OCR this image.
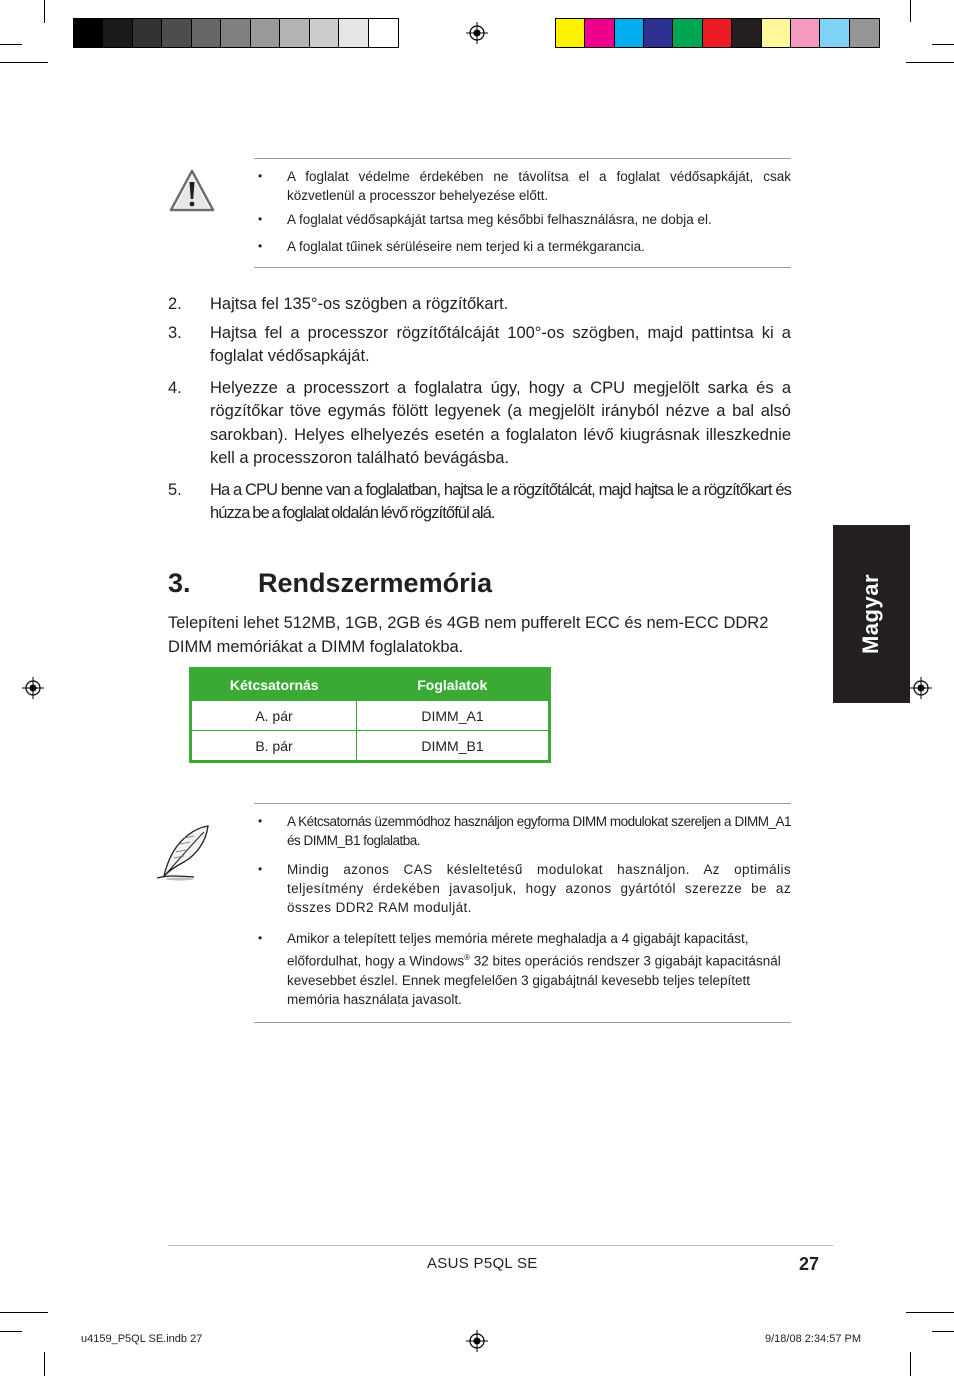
• A foglalat védelme érdekében ne távolítsa el a foglalat védősapkáját, csak közvetlenül a processzor behelyezése előtt.
• A foglalat védősapkáját tartsa meg későbbi felhasználásra, ne dobja el.
• A foglalat tűinek sérüléseire nem terjed ki a termékgarancia.
2.	Hajtsa fel 135°-os szögben a rögzítőkart.
3.	Hajtsa fel a processzor rögzítőtálcáját 100°-os szögben, majd pattintsa ki a foglalat védősapkáját.
4.	Helyezze a processzort a foglalatra úgy, hogy a CPU megjelölt sarka és a rögzítőkar töve egymás fölött legyenek (a megjelölt irányból nézve a bal alsó sarokban). Helyes elhelyezés esetén a foglalaton lévő kiugrásnak illeszkednie kell a processzoron található bevágásba.
5.	Ha a CPU benne van a foglalatban, hajtsa le a rögzítőtálcát, majd hajtsa le a rögzítőkart és húzza be a foglalat oldalán lévő rögzítőfül alá.
3.	Rendszermemória
Telepíteni lehet 512MB, 1GB, 2GB és 4GB nem pufferelt ECC és nem-ECC DDR2 DIMM memóriákat a DIMM foglalatokba.
Kétcsatornás	Foglalatok
A. pár	DIMM_A1
B. pár	DIMM_B1
Magyar
• A Kétcsatornás üzemmódhoz használjon egyforma DIMM modulokat szereljen a DIMM_A1 és DIMM_B1 foglalatba.
• Mindig azonos CAS késleltetésű modulokat használjon. Az optimális teljesítmény érdekében javasoljuk, hogy azonos gyártótól szerezze be az összes DDR2 RAM modulját.
• Amikor a telepített teljes memória mérete meghaladja a 4 gigabájt kapacitást, előfordulhat, hogy a Windows® 32 bites operációs rendszer 3 gigabájt kapacitásnál kevesebbet észlel. Ennek megfelelően 3 gigabájtnál kevesebb teljes telepített memória használata javasolt.
ASUS P5QL SE	27
u4159_P5QL SE.indb 27	9/18/08 2:34:57 PM
